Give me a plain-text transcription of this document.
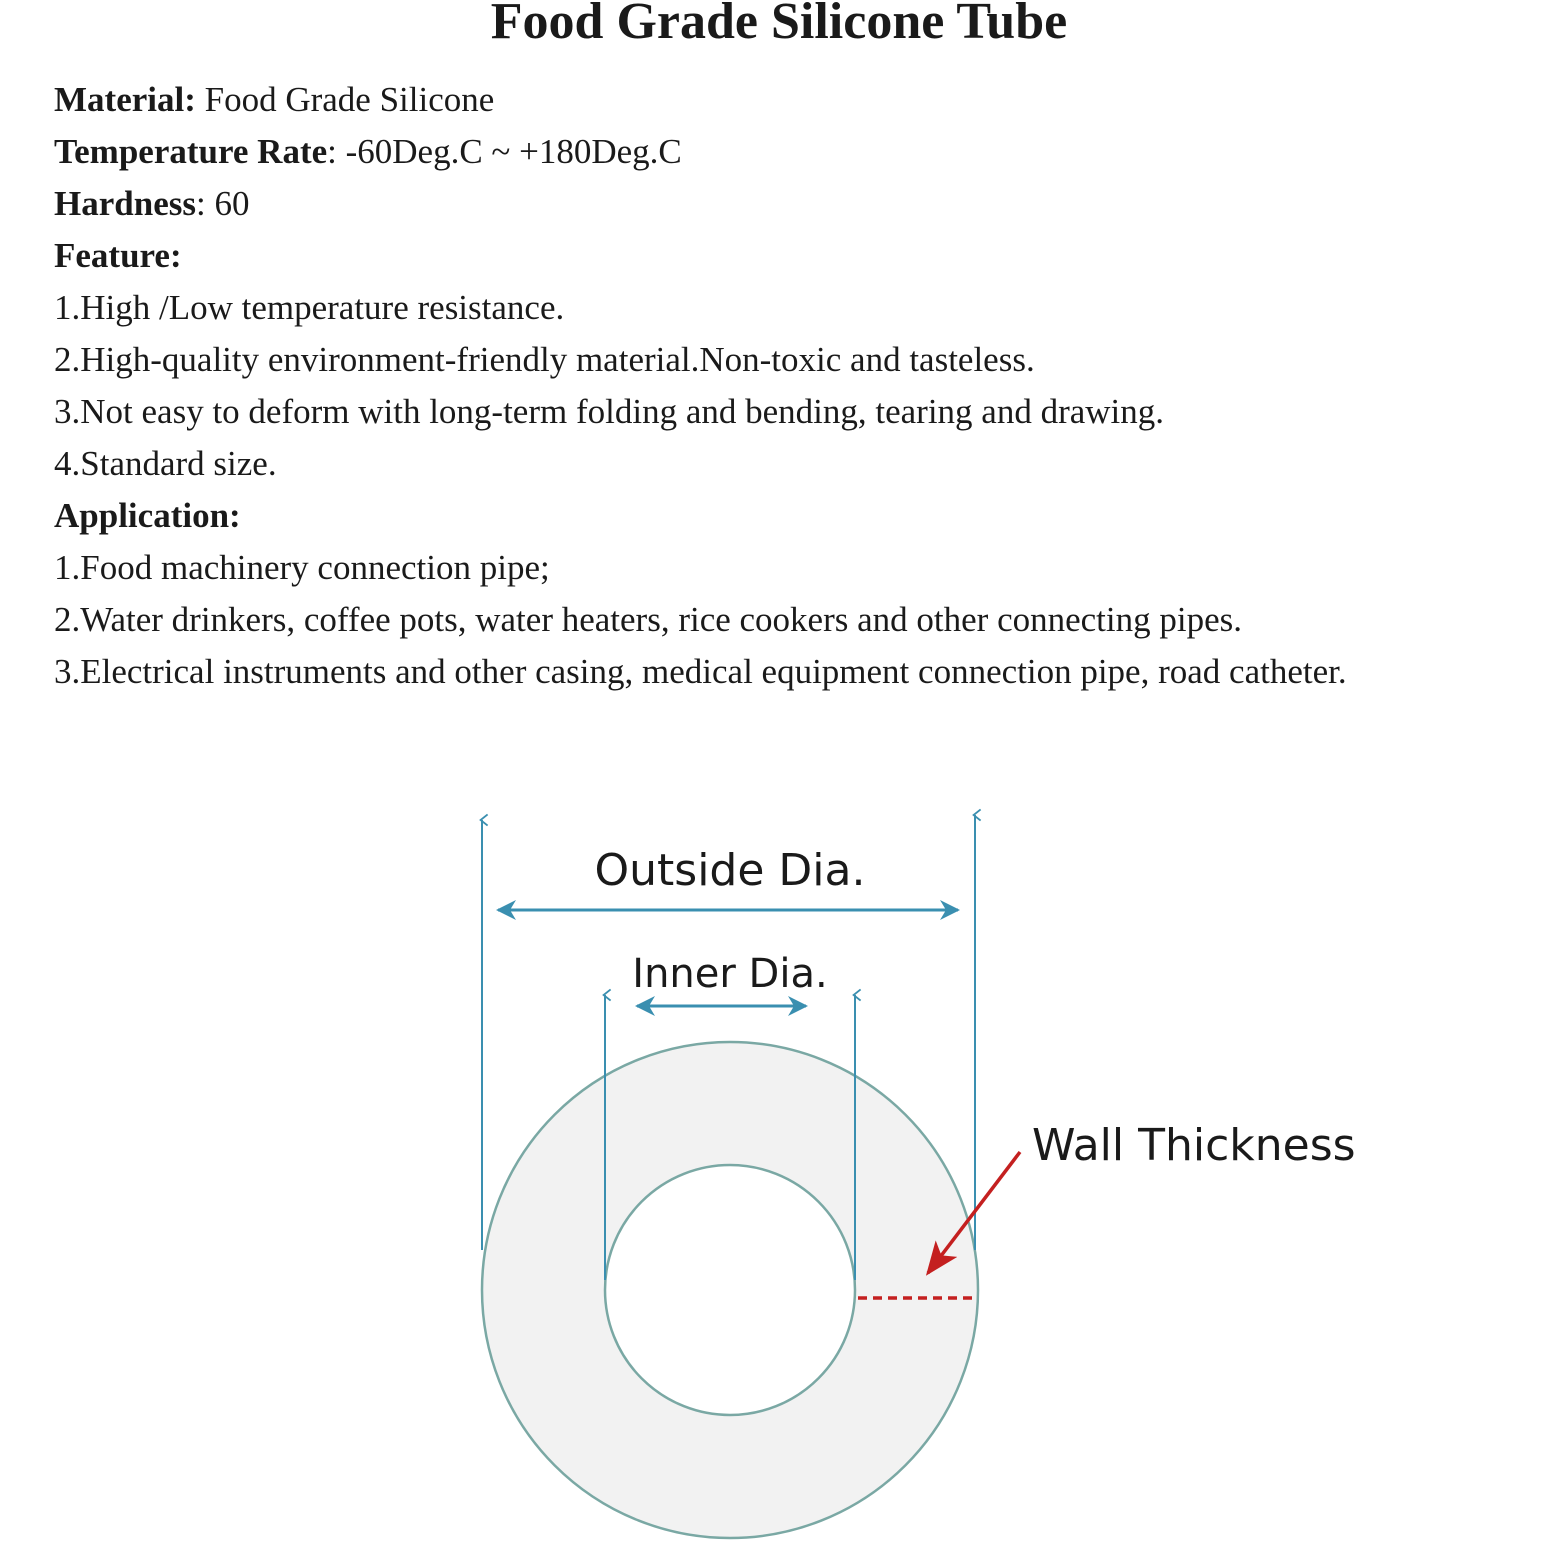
Food Grade Silicone Tube

Material: Food Grade Silicone

Temperature Rate: -60Deg.C ~ +180Deg.C

Hardness: 60

Feature:

1.High /Low temperature resistance.

2.High-quality environment-friendly material.Non-toxic and tasteless.

3.Not easy to deform with long-term folding and bending, tearing and drawing.

4.Standard size.

Application:

1.Food machinery connection pipe;

2.Water drinkers, coffee pots, water heaters, rice cookers and other connecting pipes.

3.Electrical instruments and other casing, medical equipment connection pipe, road catheter.

Outside Dia.
Inner Dia.
Wall Thickness
